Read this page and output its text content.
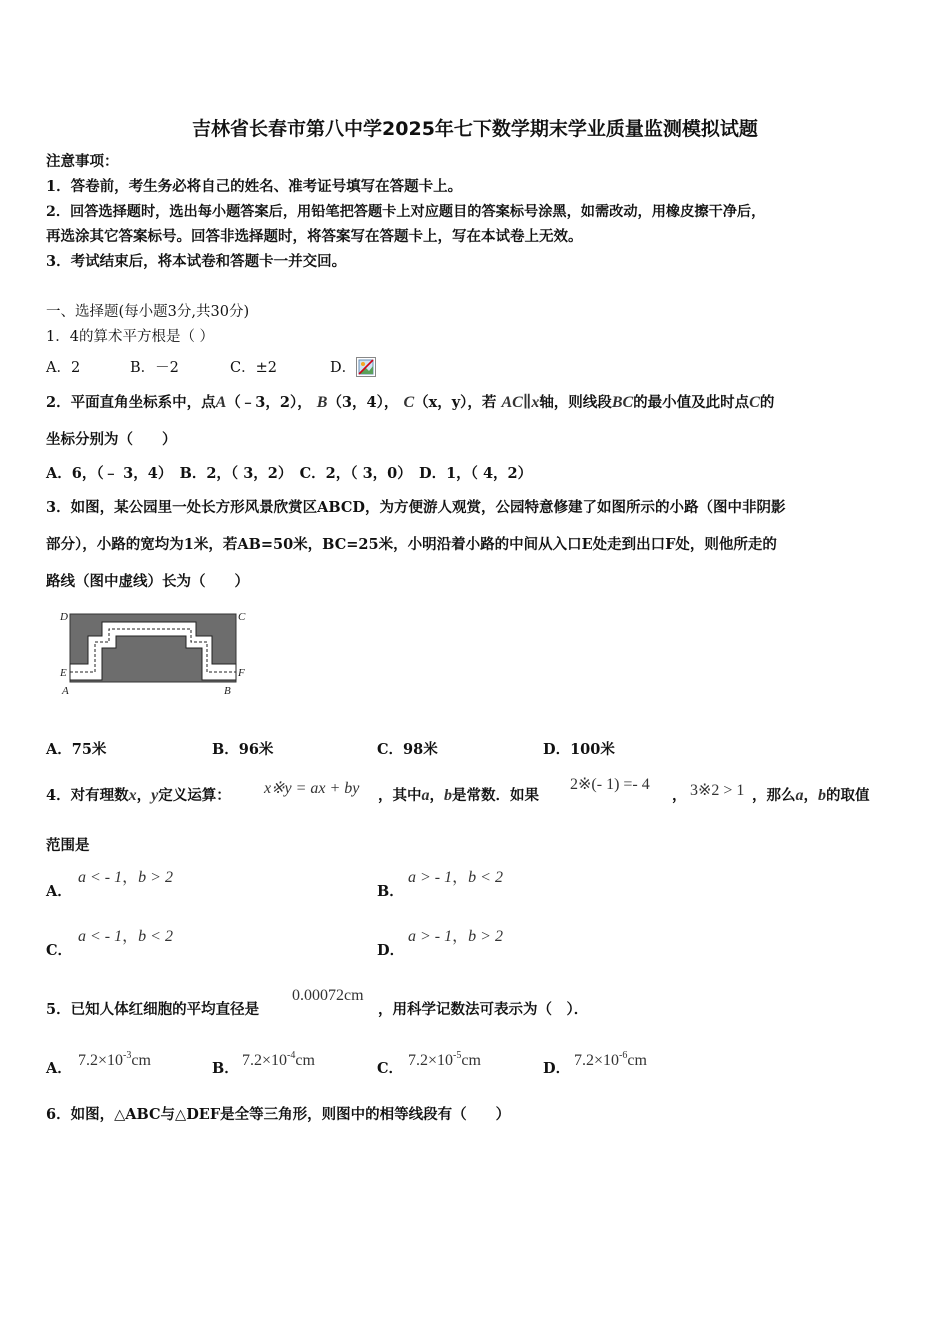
吉林省长春市第八中学2025年七下数学期末学业质量监测模拟试题
注意事项：
1．答卷前，考生务必将自己的姓名、准考证号填写在答题卡上。
2．回答选择题时，选出每小题答案后，用铅笔把答题卡上对应题目的答案标号涂黑，如需改动，用橡皮擦干净后，
再选涂其它答案标号。回答非选择题时，将答案写在答题卡上，写在本试卷上无效。
3．考试结束后，将本试卷和答题卡一并交回。
一、选择题(每小题3分,共30分)
1．4的算术平方根是（ ）
A．2	B．－2	C．±2	D．
2．平面直角坐标系中，点A（﹣3，2）， B（3，4）， C（x，y），若 AC∥x轴，则线段BC的最小值及此时点C的
坐标分别为（　　）
A．6，（﹣ 3，4）　B．2，（ 3，2）　C．2，（ 3，0）　D．1，（ 4，2）
3．如图，某公园里一处长方形风景欣赏区ABCD，为方便游人观赏，公园特意修建了如图所示的小路（图中非阴影
部分），小路的宽均为1米，若AB=50米，BC=25米，小明沿着小路的中间从入口E处走到出口F处，则他所走的
路线（图中虚线）长为（　　）
D	C
E	F
A	B
A．75米	B．96米	C．98米	D．100米
4．对有理数x，y定义运算： x※y = ax + by ，其中a，b是常数．如果
2※(- 1) =- 4
， 3※2 > 1 ，那么a，b的取值
范围是
A．
a < - 1，b > 2
B．
a > - 1，b < 2
C．
a < - 1，b < 2
D．
a > - 1，b > 2
5．已知人体红细胞的平均直径是
0.00072cm
，用科学记数法可表示为（　）．
A． $7.2\times 10^{-3}cm$	B． $7.2\times 10^{-4}cm$	C． $7.2\times 10^{-5}cm$	D． $7.2\times 10^{-6}cm$
6．如图，△ABC与△DEF是全等三角形，则图中的相等线段有（　　）
